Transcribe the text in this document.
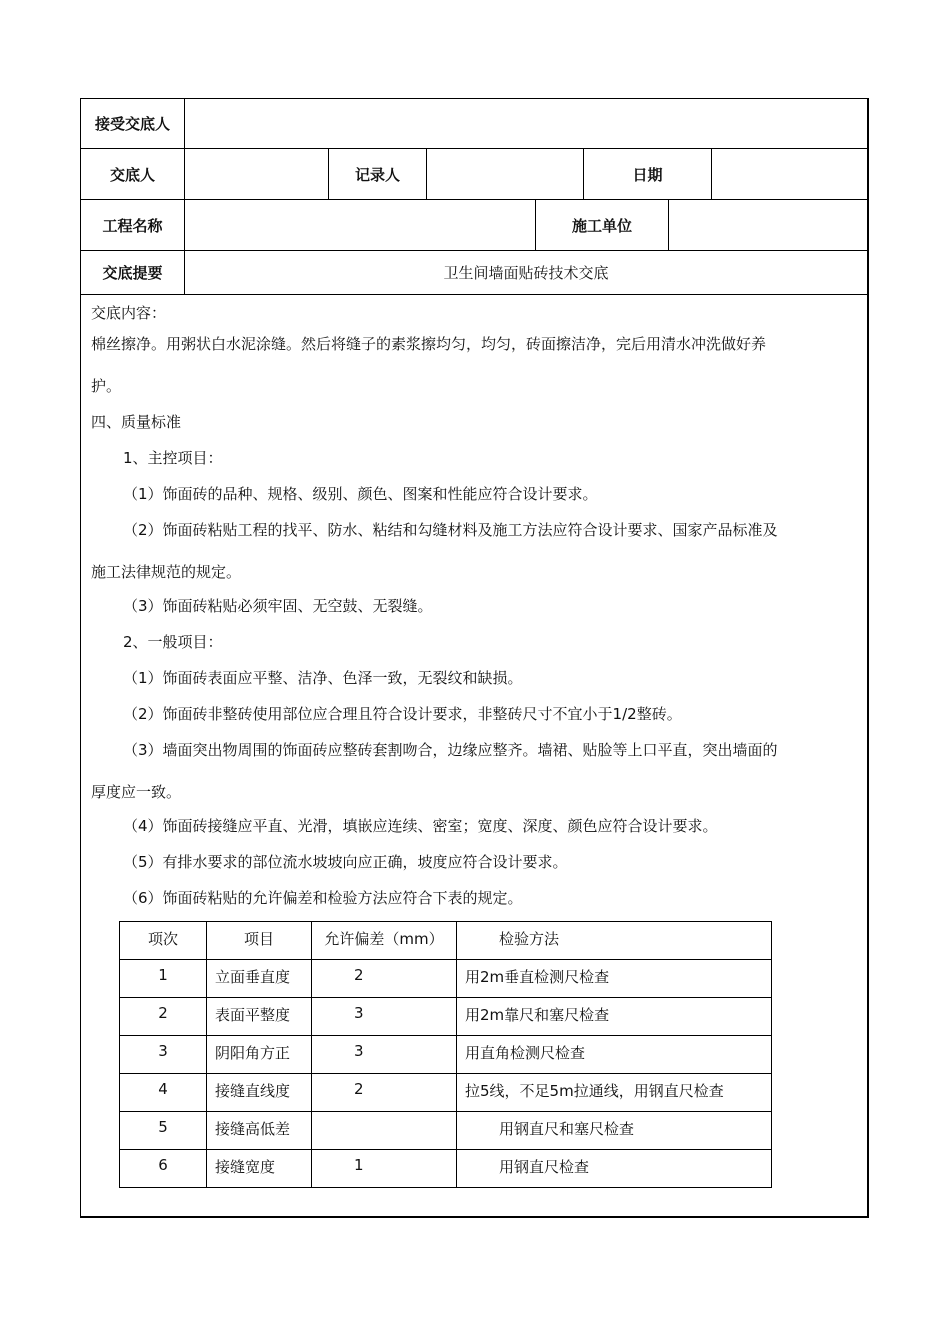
接受交底人
交底人	记录人	日期
工程名称	施工单位
交底提要	卫生间墙面贴砖技术交底
交底内容：
棉丝擦净。用粥状白水泥涂缝。然后将缝子的素浆擦均匀，均匀，砖面擦洁净，完后用清水冲洗做好养
护。
四、质量标准
1、主控项目：
（1）饰面砖的品种、规格、级别、颜色、图案和性能应符合设计要求。
（2）饰面砖粘贴工程的找平、防水、粘结和勾缝材料及施工方法应符合设计要求、国家产品标准及
施工法律规范的规定。
（3）饰面砖粘贴必须牢固、无空鼓、无裂缝。
2、一般项目：
（1）饰面砖表面应平整、洁净、色泽一致，无裂纹和缺损。
（2）饰面砖非整砖使用部位应合理且符合设计要求，非整砖尺寸不宜小于1/2整砖。
（3）墙面突出物周围的饰面砖应整砖套割吻合，边缘应整齐。墙裙、贴脸等上口平直，突出墙面的
厚度应一致。
（4）饰面砖接缝应平直、光滑，填嵌应连续、密室；宽度、深度、颜色应符合设计要求。
（5）有排水要求的部位流水坡坡向应正确，坡度应符合设计要求。
（6）饰面砖粘贴的允许偏差和检验方法应符合下表的规定。
项次	项目	允许偏差（mm）	检验方法

1	立面垂直度	2	用2m垂直检测尺检查

2	表面平整度	3	用2m靠尺和塞尺检查

3	阴阳角方正	3	用直角检测尺检查

4	接缝直线度	2	拉5线，不足5m拉通线，用钢直尺检查

5	接缝高低差		用钢直尺和塞尺检查

6	接缝宽度	1	用钢直尺检查
